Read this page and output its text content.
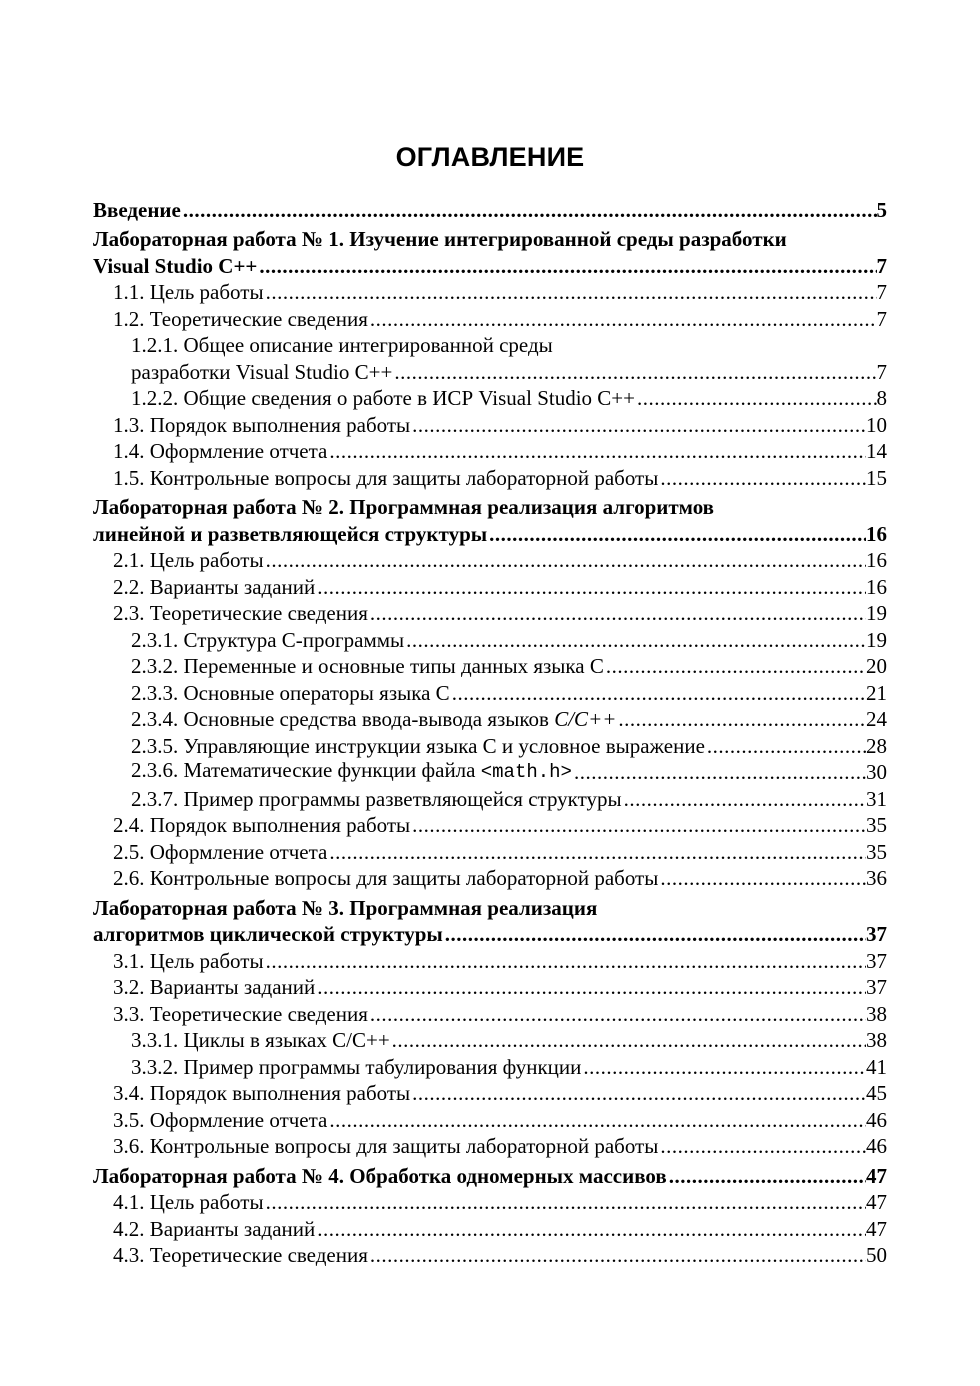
ОГЛАВЛЕНИЕ
Введение .....	5
Лабораторная работа № 1. Изучение интегрированной среды разработки
Visual Studio C++ .....	7
1.1. Цель работы .....	7
1.2. Теоретические сведения .....	7
1.2.1. Общее описание интегрированной среды
разработки Visual Studio C++ .....	7
1.2.2. Общие сведения о работе в ИСР Visual Studio C++ .....	8
1.3. Порядок выполнения работы .....	10
1.4. Оформление отчета .....	14
1.5. Контрольные вопросы для защиты лабораторной работы .....	15
Лабораторная работа № 2. Программная реализация алгоритмов
линейной и разветвляющейся структуры .....	16
2.1. Цель работы .....	16
2.2. Варианты заданий .....	16
2.3. Теоретические сведения .....	19
2.3.1. Структура С-программы .....	19
2.3.2. Переменные и основные типы данных языка С .....	20
2.3.3. Основные операторы языка С .....	21
2.3.4. Основные средства ввода-вывода языков C/C++ .....	24
2.3.5. Управляющие инструкции языка С и условное выражение .....	28
2.3.6. Математические функции файла <math.h> .....	30
2.3.7. Пример программы разветвляющейся структуры .....	31
2.4. Порядок выполнения работы .....	35
2.5. Оформление отчета .....	35
2.6. Контрольные вопросы для защиты лабораторной работы .....	36
Лабораторная работа № 3. Программная реализация
алгоритмов циклической структуры .....	37
3.1. Цель работы .....	37
3.2. Варианты заданий .....	37
3.3. Теоретические сведения .....	38
3.3.1. Циклы в языках С/С++ .....	38
3.3.2. Пример программы табулирования функции .....	41
3.4. Порядок выполнения работы .....	45
3.5. Оформление отчета .....	46
3.6. Контрольные вопросы для защиты лабораторной работы .....	46
Лабораторная работа № 4. Обработка одномерных массивов .....	47
4.1. Цель работы .....	47
4.2. Варианты заданий .....	47
4.3. Теоретические сведения .....	50
